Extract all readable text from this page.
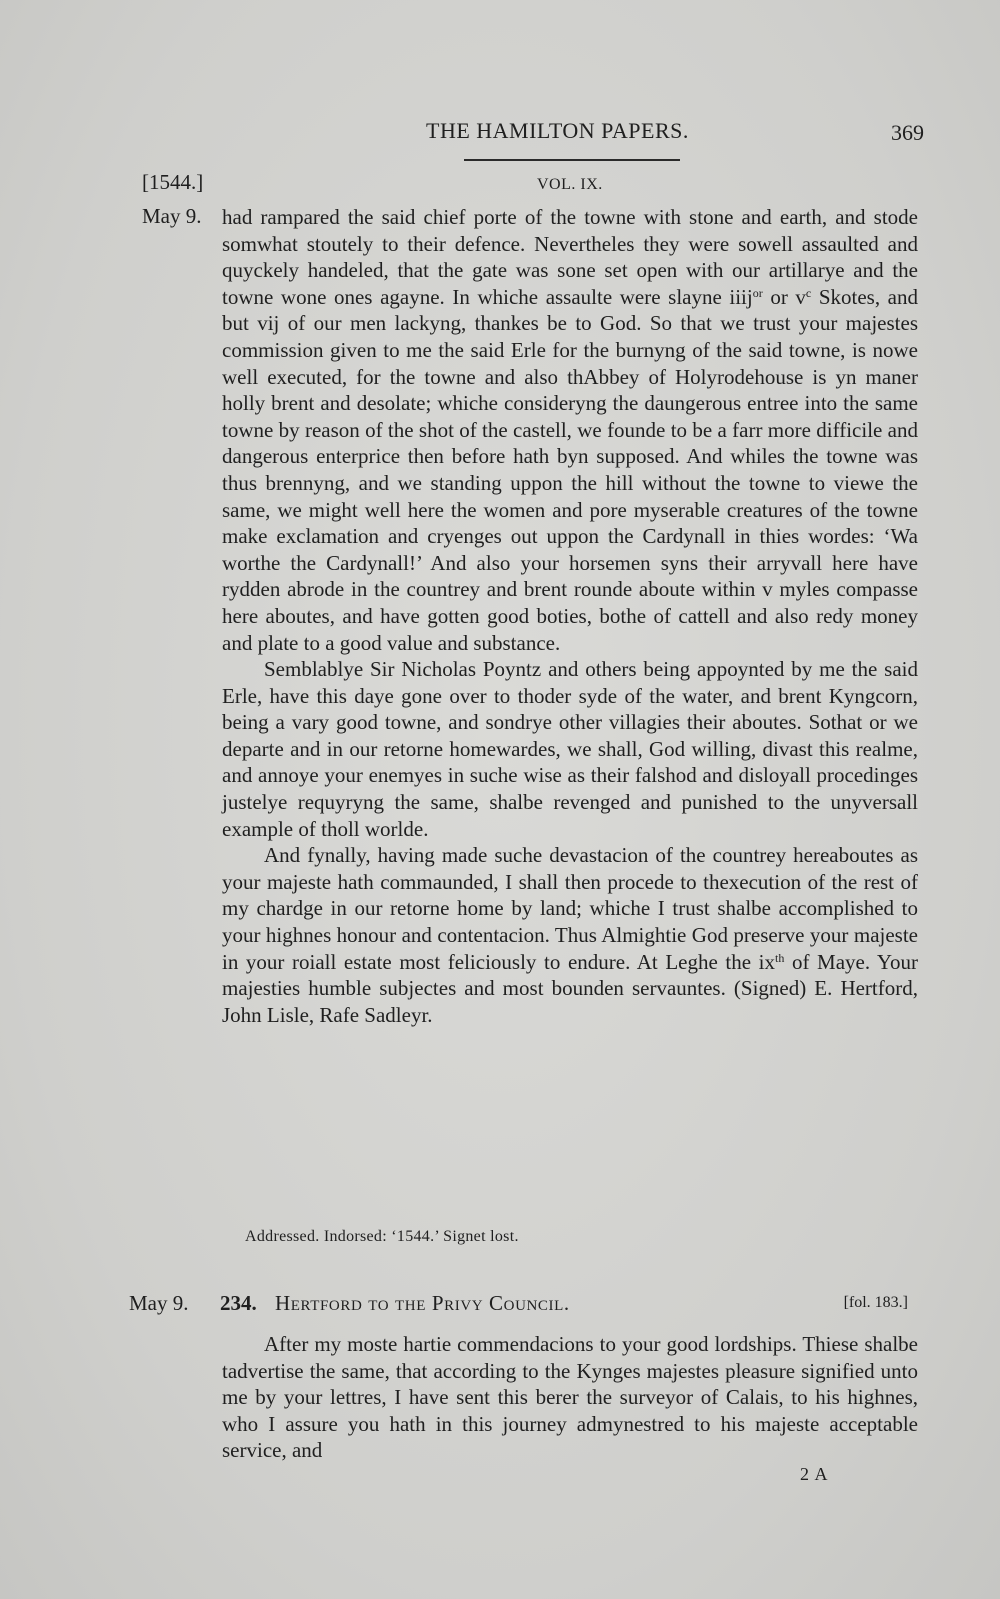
THE HAMILTON PAPERS.	369
[1544.]	VOL. IX.
May 9. had rampared the said chief porte of the towne with stone and earth, and stode somwhat stoutely to their defence. Nevertheles they were sowell assaulted and quyckely handeled, that the gate was sone set open with our artillarye and the towne wone ones agayne. In whiche assaulte were slayne iiij$^{or}$ or $v^c$ Skotes, and but vij of our men lackyng, thankes be to God. So that we trust your majestes commission given to me the said Erle for the burnyng of the said towne, is nowe well executed, for the towne and also thAbbey of Holyrodehouse is yn maner holly brent and desolate; whiche consideryng the daungerous entree into the same towne by reason of the shot of the castell, we founde to be a farr more difficile and dangerous enterprice then before hath byn supposed. And whiles the towne was thus brennyng, and we standing uppon the hill without the towne to viewe the same, we might well here the women and pore myserable creatures of the towne make exclamation and cryenges out uppon the Cardynall in thies wordes: ‘Wa worthe the Cardynall!’ And also your horsemen syns their arryvall here have rydden abrode in the countrey and brent rounde aboute within v myles compasse here aboutes, and have gotten good boties, bothe of cattell and also redy money and plate to a good value and substance.

Semblablye Sir Nicholas Poyntz and others being appoynted by me the said Erle, have this daye gone over to thoder syde of the water, and brent Kyngcorn, being a vary good towne, and sondrye other villagies their aboutes. Sothat or we departe and in our retorne homewardes, we shall, God willing, divast this realme, and annoye your enemyes in suche wise as their falshod and disloyall procedinges justelye requyryng the same, shalbe revenged and punished to the unyversall example of tholl worlde.

And fynally, having made suche devastacion of the countrey hereaboutes as your majeste hath commaunded, I shall then procede to thexecution of the rest of my chardge in our retorne home by land; whiche I trust shalbe accomplished to your highnes honour and contentacion. Thus Almightie God preserve your majeste in your roiall estate most feliciously to endure. At Leghe the $ix^{th}$ of Maye. Your majesties humble subjectes and most bounden servauntes. (Signed) E. Hertford, John Lisle, Rafe Sadleyr.

Addressed. Indorsed: ‘1544.’ Signet lost.
May 9. 234. Hertford to the Privy Council.	[fol. 183.]

After my moste hartie commendacions to your good lordships. Thiese shalbe tadvertise the same, that according to the Kynges majestes pleasure signified unto me by your lettres, I have sent this berer the surveyor of Calais, to his highnes, who I assure you hath in this journey admynestred to his majeste acceptable service, and

2 A
